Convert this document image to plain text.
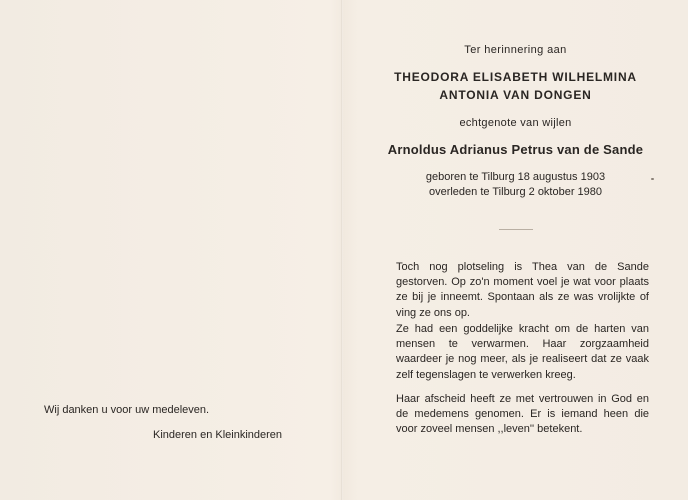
Wij danken u voor uw medeleven.

Kinderen en Kleinkinderen

Ter herinnering aan

THEODORA ELISABETH WILHELMINA

ANTONIA VAN DONGEN

echtgenote van wijlen

Arnoldus Adrianus Petrus van de Sande

geboren te Tilburg 18 augustus 1903

overleden te Tilburg 2 oktober 1980

Toch nog plotseling is Thea van de Sande gestorven. Op zo'n moment voel je wat voor plaats ze bij je inneemt. Spontaan als ze was vrolijkte of ving ze ons op.

Ze had een goddelijke kracht om de harten van mensen te verwarmen. Haar zorgzaamheid waardeer je nog meer, als je realiseert dat ze vaak zelf tegenslagen te verwerken kreeg.

Haar afscheid heeft ze met vertrouwen in God en de medemens genomen. Er is iemand heen die voor zoveel mensen ,,leven'' betekent.
